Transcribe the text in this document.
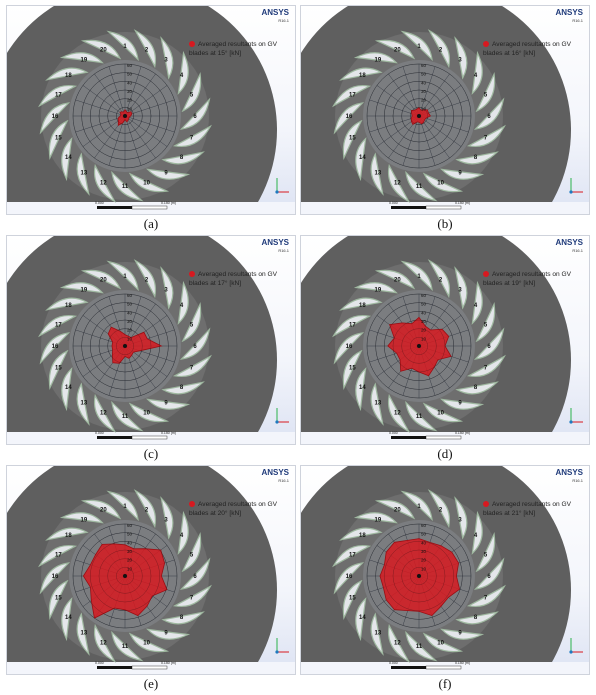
10
20
30
40
50
60
1
2
3
4
5
6
7
8
9
10
11
12
13
14
15
16
17
18
19
20
0.000	0.150 (m)
ANSYS
R16.1
Averaged resultants on GV blades at 15° [kN]
(a)
10
20
30
40
50
60
1
2
3
4
5
6
7
8
9
10
11
12
13
14
15
16
17
18
19
20
0.000	0.150 (m)
ANSYS
R16.1
Averaged resultants on GV blades at 16° [kN]
(b)
10
20
30
40
50
60
1
2
3
4
5
6
7
8
9
10
11
12
13
14
15
16
17
18
19
20
0.000	0.150 (m)
ANSYS
R16.1
Averaged resultants on GV blades at 17° [kN]
(c)
10
20
30
40
50
60
1
2
3
4
5
6
7
8
9
10
11
12
13
14
15
16
17
18
19
20
0.000	0.150 (m)
ANSYS
R16.1
Averaged resultants on GV blades at 19° [kN]
(d)
10
20
30
40
50
60
1
2
3
4
5
6
7
8
9
10
11
12
13
14
15
16
17
18
19
20
0.000	0.150 (m)
ANSYS
R16.1
Averaged resultants on GV blades at 20° [kN]
(e)
10
20
30
40
50
60
1
2
3
4
5
6
7
8
9
10
11
12
13
14
15
16
17
18
19
20
0.000	0.150 (m)
ANSYS
R16.1
Averaged resultants on GV blades at 21° [kN]
(f)
